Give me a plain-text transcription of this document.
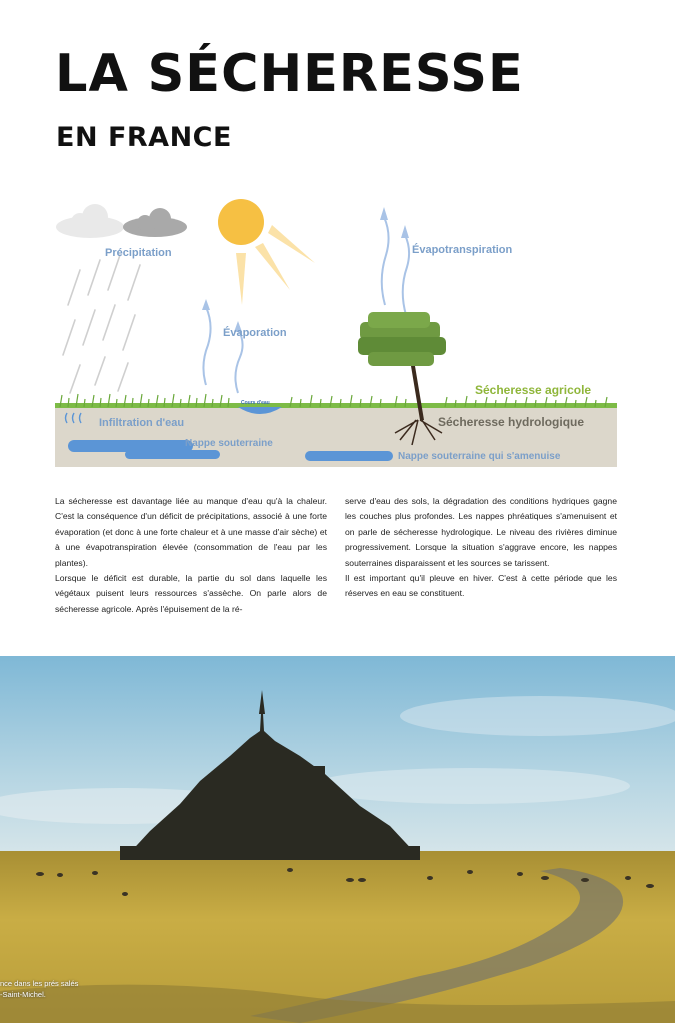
LA SÉCHERESSE
EN FRANCE
Précipitation
Évaporation
Évapotranspiration
Cours d'eau
Sécheresse agricole
Infiltration d'eau	Sécheresse hydrologique
Nappe souterraine
Nappe souterraine qui s'amenuise

La sécheresse est davantage liée au manque d'eau qu'à la chaleur. C'est la conséquence d'un déficit de précipitations, associé à une forte évaporation (et donc à une forte chaleur et à une masse d'air sèche) et à une évapotranspiration élevée (consommation de l'eau par les plantes).

Lorsque le déficit est durable, la partie du sol dans laquelle les végétaux puisent leurs ressources s'assèche. On parle alors de sécheresse agricole. Après l'épuisement de la ré-

serve d'eau des sols, la dégradation des conditions hydriques gagne les couches plus profondes. Les nappes phréatiques s'amenuisent et on parle de sécheresse hydrologique. Le niveau des rivières diminue progressivement. Lorsque la situation s'aggrave encore, les nappes souterraines disparaissent et les sources se tarissent.

Il est important qu'il pleuve en hiver. C'est à cette période que les réserves en eau se constituent.

nce dans les prés salés
-Saint-Michel.
